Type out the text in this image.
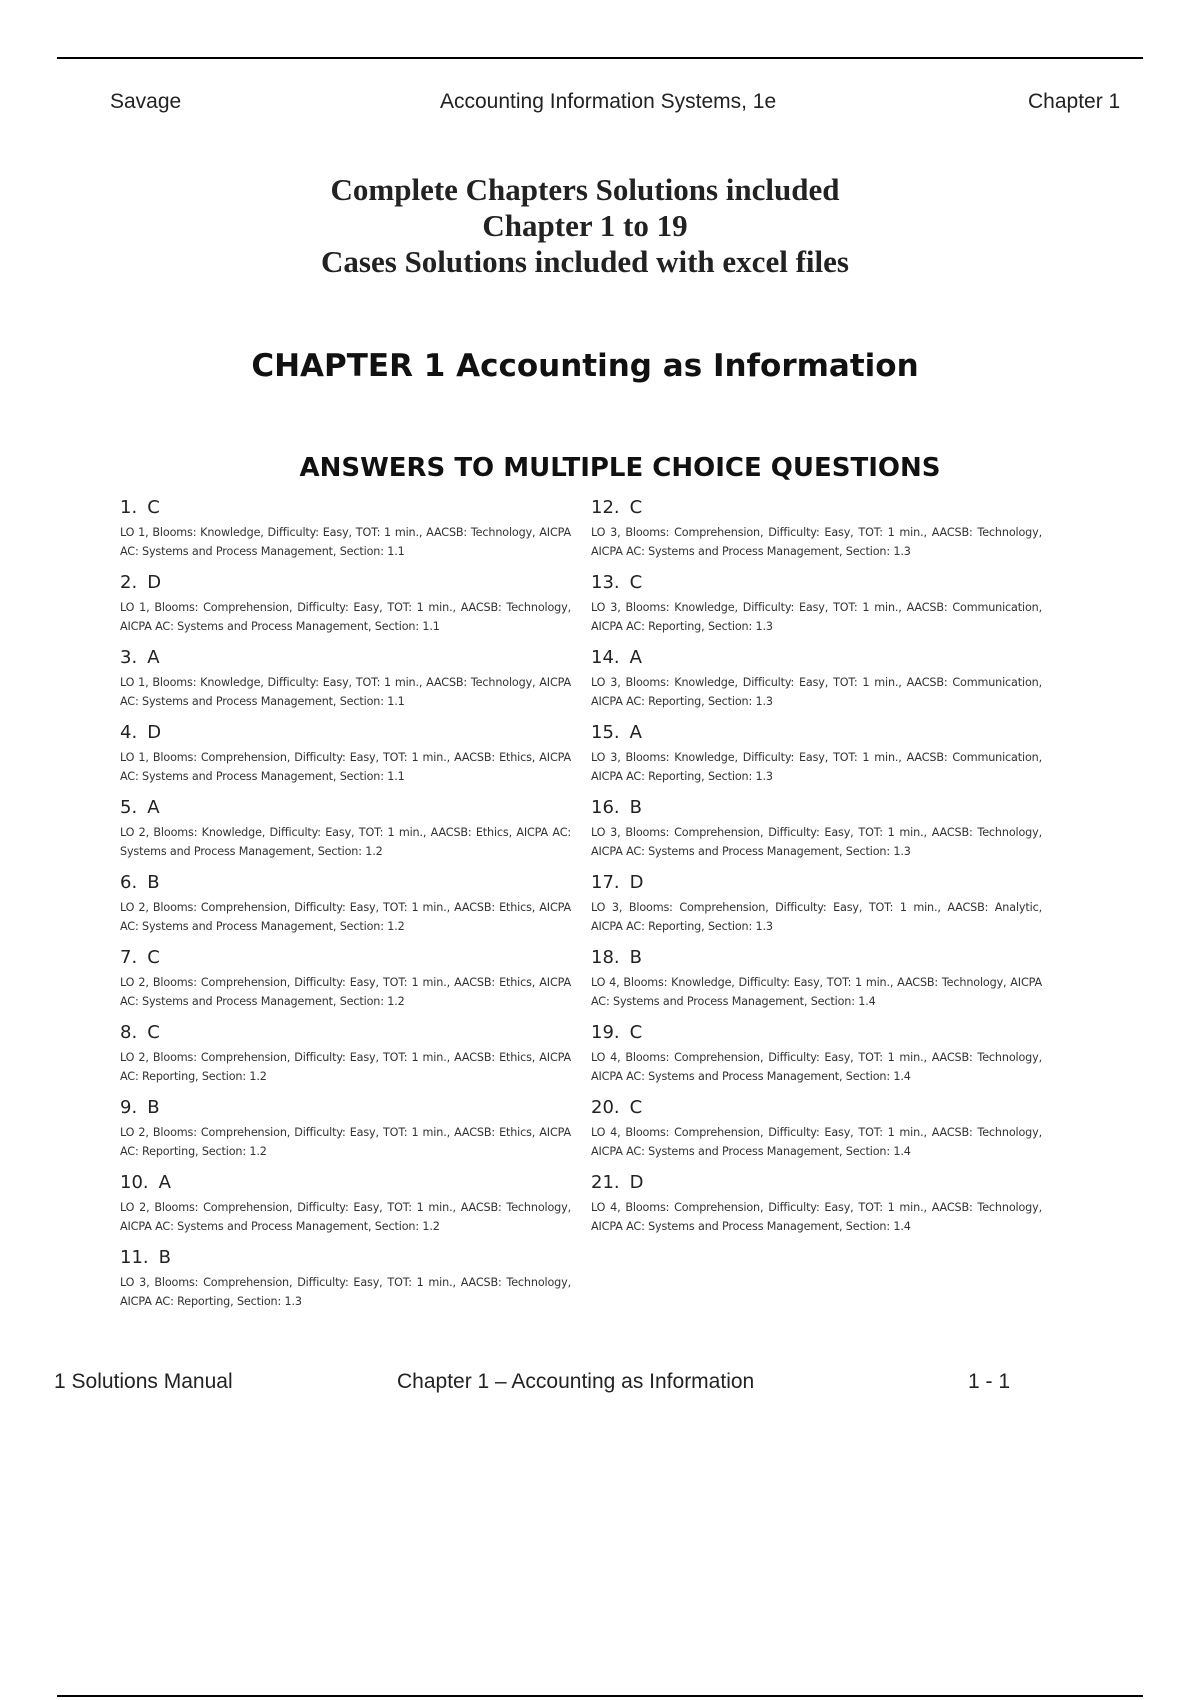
Savage	Accounting Information Systems, 1e	Chapter 1
Complete Chapters Solutions included
Chapter 1 to 19
Cases Solutions included with excel files
CHAPTER 1 Accounting as Information
ANSWERS TO MULTIPLE CHOICE QUESTIONS
1. C
LO 1, Blooms: Knowledge, Difficulty: Easy, TOT: 1 min., AACSB: Technology, AICPA AC: Systems and Process Management, Section: 1.1
2. D
LO 1, Blooms: Comprehension, Difficulty: Easy, TOT: 1 min., AACSB: Technology, AICPA AC: Systems and Process Management, Section: 1.1
3. A
LO 1, Blooms: Knowledge, Difficulty: Easy, TOT: 1 min., AACSB: Technology, AICPA AC: Systems and Process Management, Section: 1.1
4. D
LO 1, Blooms: Comprehension, Difficulty: Easy, TOT: 1 min., AACSB: Ethics, AICPA AC: Systems and Process Management, Section: 1.1
5. A
LO 2, Blooms: Knowledge, Difficulty: Easy, TOT: 1 min., AACSB: Ethics, AICPA AC: Systems and Process Management, Section: 1.2
6. B
LO 2, Blooms: Comprehension, Difficulty: Easy, TOT: 1 min., AACSB: Ethics, AICPA AC: Systems and Process Management, Section: 1.2
7. C
LO 2, Blooms: Comprehension, Difficulty: Easy, TOT: 1 min., AACSB: Ethics, AICPA AC: Systems and Process Management, Section: 1.2
8. C
LO 2, Blooms: Comprehension, Difficulty: Easy, TOT: 1 min., AACSB: Ethics, AICPA AC: Reporting, Section: 1.2
9. B
LO 2, Blooms: Comprehension, Difficulty: Easy, TOT: 1 min., AACSB: Ethics, AICPA AC: Reporting, Section: 1.2
10. A
LO 2, Blooms: Comprehension, Difficulty: Easy, TOT: 1 min., AACSB: Technology, AICPA AC: Systems and Process Management, Section: 1.2
11. B
LO 3, Blooms: Comprehension, Difficulty: Easy, TOT: 1 min., AACSB: Technology, AICPA AC: Reporting, Section: 1.3
12. C
LO 3, Blooms: Comprehension, Difficulty: Easy, TOT: 1 min., AACSB: Technology, AICPA AC: Systems and Process Management, Section: 1.3
13. C
LO 3, Blooms: Knowledge, Difficulty: Easy, TOT: 1 min., AACSB: Communication, AICPA AC: Reporting, Section: 1.3
14. A
LO 3, Blooms: Knowledge, Difficulty: Easy, TOT: 1 min., AACSB: Communication, AICPA AC: Reporting, Section: 1.3
15. A
LO 3, Blooms: Knowledge, Difficulty: Easy, TOT: 1 min., AACSB: Communication, AICPA AC: Reporting, Section: 1.3
16. B
LO 3, Blooms: Comprehension, Difficulty: Easy, TOT: 1 min., AACSB: Technology, AICPA AC: Systems and Process Management, Section: 1.3
17. D
LO 3, Blooms: Comprehension, Difficulty: Easy, TOT: 1 min., AACSB: Analytic, AICPA AC: Reporting, Section: 1.3
18. B
LO 4, Blooms: Knowledge, Difficulty: Easy, TOT: 1 min., AACSB: Technology, AICPA AC: Systems and Process Management, Section: 1.4
19. C
LO 4, Blooms: Comprehension, Difficulty: Easy, TOT: 1 min., AACSB: Technology, AICPA AC: Systems and Process Management, Section: 1.4
20. C
LO 4, Blooms: Comprehension, Difficulty: Easy, TOT: 1 min., AACSB: Technology, AICPA AC: Systems and Process Management, Section: 1.4
21. D
LO 4, Blooms: Comprehension, Difficulty: Easy, TOT: 1 min., AACSB: Technology, AICPA AC: Systems and Process Management, Section: 1.4
1 Solutions Manual	Chapter 1 – Accounting as Information	1 - 1
